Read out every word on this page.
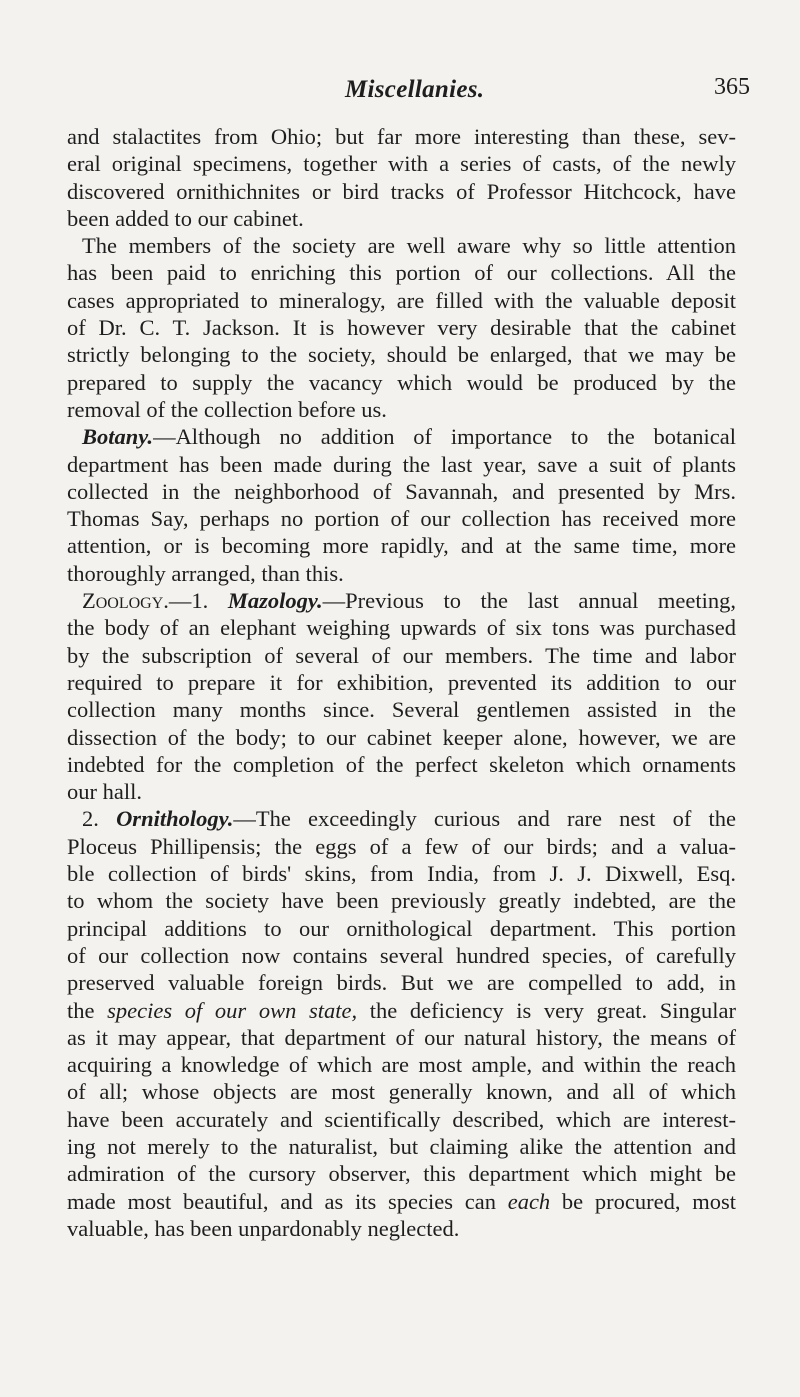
Miscellanies.	365
and stalactites from Ohio; but far more interesting than these, sev-
eral original specimens, together with a series of casts, of the newly
discovered ornithichnites or bird tracks of Professor Hitchcock, have
been added to our cabinet.
The members of the society are well aware why so little attention
has been paid to enriching this portion of our collections. All the
cases appropriated to mineralogy, are filled with the valuable deposit
of Dr. C. T. Jackson. It is however very desirable that the cabinet
strictly belonging to the society, should be enlarged, that we may be
prepared to supply the vacancy which would be produced by the
removal of the collection before us.
Botany.—Although no addition of importance to the botanical
department has been made during the last year, save a suit of plants
collected in the neighborhood of Savannah, and presented by Mrs.
Thomas Say, perhaps no portion of our collection has received more
attention, or is becoming more rapidly, and at the same time, more
thoroughly arranged, than this.
Zoology.—1. Mazology.—Previous to the last annual meeting,
the body of an elephant weighing upwards of six tons was purchased
by the subscription of several of our members. The time and labor
required to prepare it for exhibition, prevented its addition to our
collection many months since. Several gentlemen assisted in the
dissection of the body; to our cabinet keeper alone, however, we are
indebted for the completion of the perfect skeleton which ornaments
our hall.
2. Ornithology.—The exceedingly curious and rare nest of the
Ploceus Phillipensis; the eggs of a few of our birds; and a valua-
ble collection of birds' skins, from India, from J. J. Dixwell, Esq.
to whom the society have been previously greatly indebted, are the
principal additions to our ornithological department. This portion
of our collection now contains several hundred species, of carefully
preserved valuable foreign birds. But we are compelled to add, in
the species of our own state, the deficiency is very great. Singular
as it may appear, that department of our natural history, the means of
acquiring a knowledge of which are most ample, and within the reach
of all; whose objects are most generally known, and all of which
have been accurately and scientifically described, which are interest-
ing not merely to the naturalist, but claiming alike the attention and
admiration of the cursory observer, this department which might be
made most beautiful, and as its species can each be procured, most
valuable, has been unpardonably neglected.
